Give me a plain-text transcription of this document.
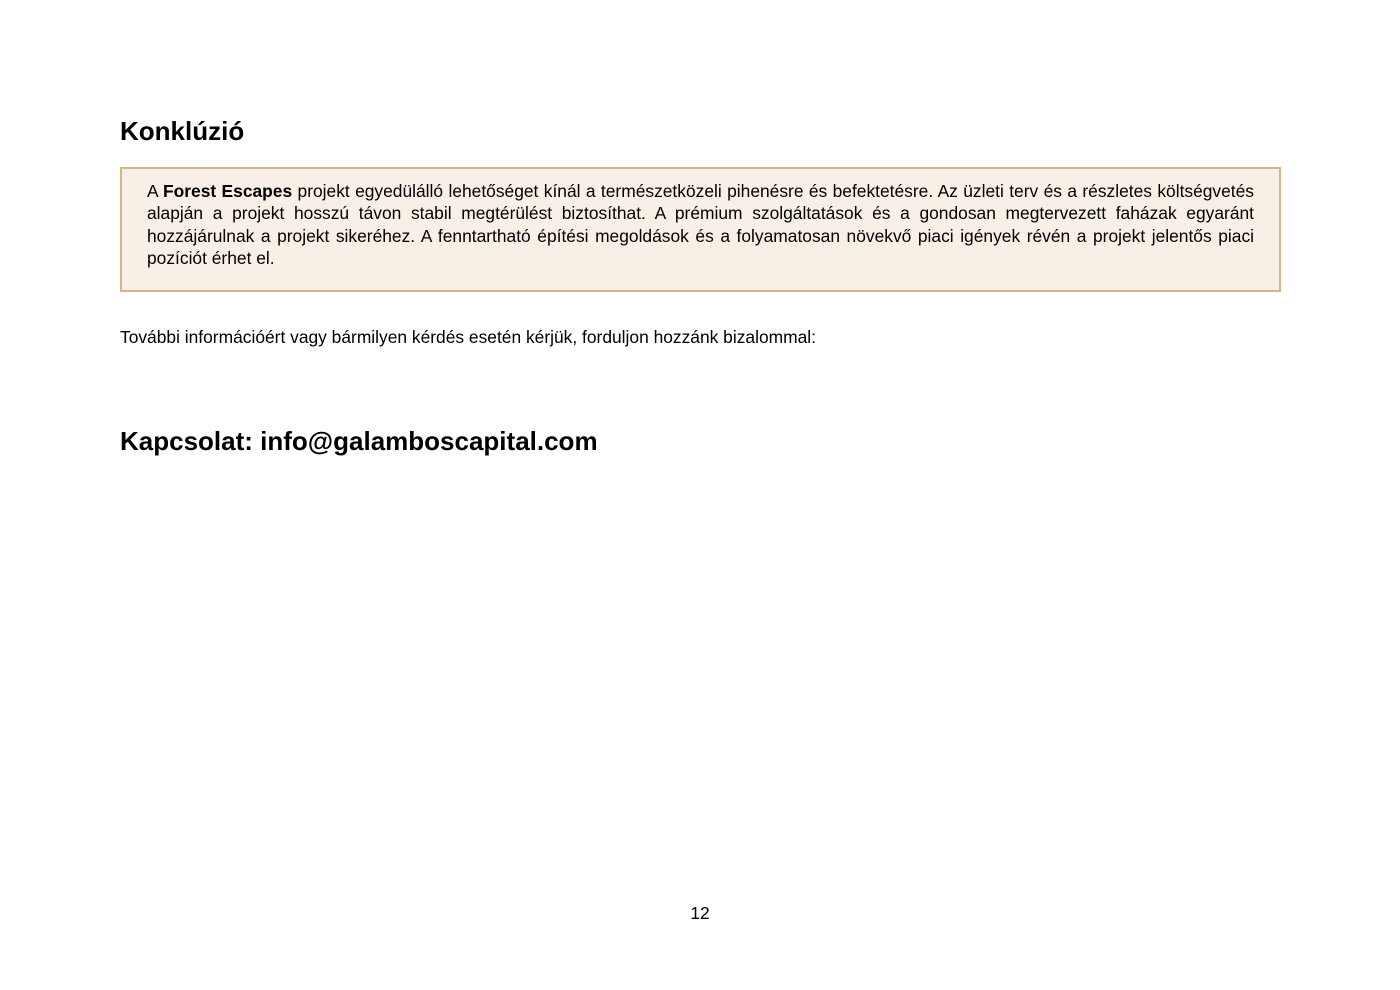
Konklúzió

A Forest Escapes projekt egyedülálló lehetőséget kínál a természetközeli pihenésre és befektetésre. Az üzleti terv és a részletes költségvetés alapján a projekt hosszú távon stabil megtérülést biztosíthat. A prémium szolgáltatások és a gondosan megtervezett faházak egyaránt hozzájárulnak a projekt sikeréhez. A fenntartható építési megoldások és a folyamatosan növekvő piaci igények révén a projekt jelentős piaci pozíciót érhet el.

További információért vagy bármilyen kérdés esetén kérjük, forduljon hozzánk bizalommal:

Kapcsolat: info@galamboscapital.com
12
